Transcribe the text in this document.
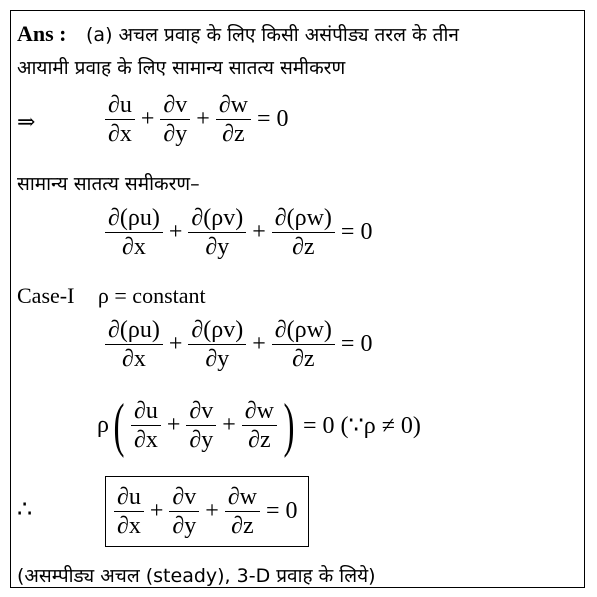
Ans : (a) अचल प्रवाह के लिए किसी असंपीड्य तरल के तीन
आयामी प्रवाह के लिए सामान्य सातत्य समीकरण
⇒	$\frac{\partial u}{\partial x} + \frac{\partial v}{\partial y} + \frac{\partial w}{\partial z} = 0$
सामान्य सातत्य समीकरण–
$\frac{\partial(\rho u)}{\partial x} + \frac{\partial(\rho v)}{\partial y} + \frac{\partial(\rho w)}{\partial z} = 0$
Case-I ρ = constant
$\frac{\partial(\rho u)}{\partial x} + \frac{\partial(\rho v)}{\partial y} + \frac{\partial(\rho w)}{\partial z} = 0$
ρ ( $\frac{\partial u}{\partial x} + \frac{\partial v}{\partial y} + \frac{\partial w}{\partial z}$ ) = 0 (∵ρ ≠ 0)
∴	$\frac{\partial u}{\partial x} + \frac{\partial v}{\partial y} + \frac{\partial w}{\partial z} = 0$
(असम्पीड्य अचल (steady), 3-D प्रवाह के लिये)
